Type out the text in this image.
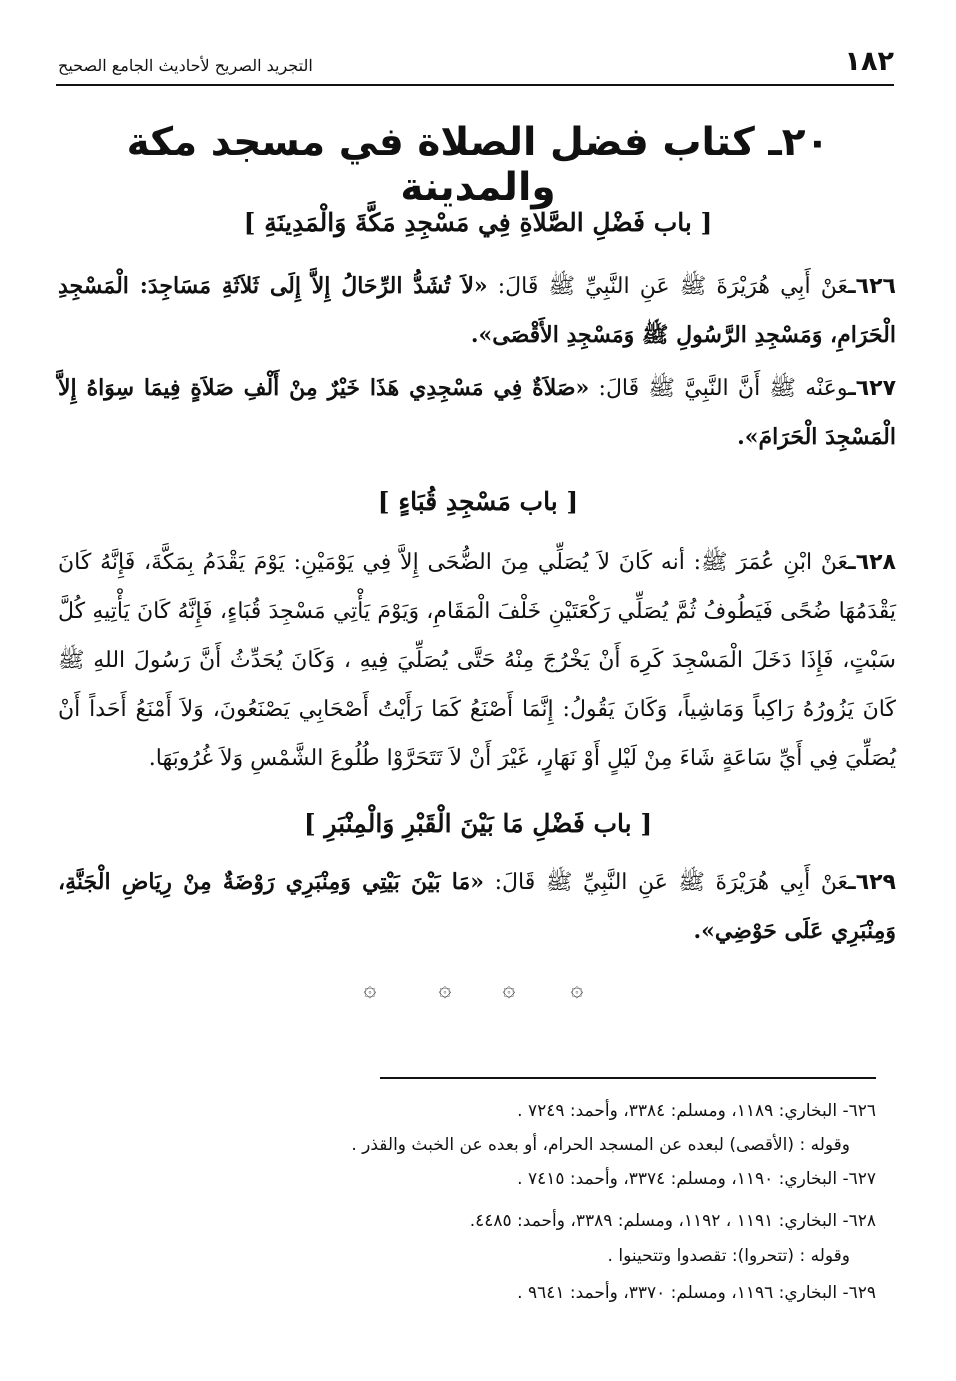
١٨٢
التجريد الصريح لأحاديث الجامع الصحيح
٢٠ـ كتاب فضل الصلاة في مسجد مكة والمدينة
[ باب فَضْلِ الصَّلاةِ فِي مَسْجِدِ مَكَّةَ وَالْمَدِينَةِ ]
٦٢٦ـعَنْ أَبِي هُرَيْرَةَ ﷺ عَنِ النَّبِيِّ ﷺ قَالَ: «لاَ تُشَدُّ الرِّحَالُ إِلاَّ إِلَى ثَلاَثَةِ مَسَاجِدَ: الْمَسْجِدِ الْحَرَامِ، وَمَسْجِدِ الرَّسُولِ ﷺ وَمَسْجِدِ الأَقْصَى».
٦٢٧ـوعَنْه ﷺ أَنَّ النَّبِيَّ ﷺ قَالَ: «صَلاَةٌ فِي مَسْجِدِي هَذَا خَيْرٌ مِنْ أَلْفِ صَلاَةٍ فِيمَا سِوَاهُ إِلاَّ الْمَسْجِدَ الْحَرَامَ».
[ باب مَسْجِدِ قُبَاءٍ ]
٦٢٨ـعَنْ ابْنِ عُمَرَ ﷺ: أنه كَانَ لاَ يُصَلِّي مِنَ الضُّحَى إِلاَّ فِي يَوْمَيْنِ: يَوْمَ يَقْدَمُ بِمَكَّةَ، فَإِنَّهُ كَانَ يَقْدَمُهَا ضُحًى فَيَطُوفُ ثُمَّ يُصَلِّي رَكْعَتَيْنِ خَلْفَ الْمَقَامِ، وَيَوْمَ يَأْتِي مَسْجِدَ قُبَاءٍ، فَإِنَّهُ كَانَ يَأْتِيهِ كُلَّ سَبْتٍ، فَإِذَا دَخَلَ الْمَسْجِدَ كَرِهَ أَنْ يَخْرُجَ مِنْهُ حَتَّى يُصَلِّيَ فِيهِ ، وَكَانَ يُحَدِّثُ أَنَّ رَسُولَ اللهِ ﷺ كَانَ يَزُورُهُ رَاكِباً وَمَاشِياً، وَكَانَ يَقُولُ: إِنَّمَا أَصْنَعُ كَمَا رَأَيْتُ أَصْحَابِي يَصْنَعُونَ، وَلاَ أَمْنَعُ أَحَداً أَنْ يُصَلِّيَ فِي أَيِّ سَاعَةٍ شَاءَ مِنْ لَيْلٍ أَوْ نَهَارٍ، غَيْرَ أَنْ لاَ تَتَحَرَّوْا طُلُوعَ الشَّمْسِ وَلاَ غُرُوبَهَا.
[ باب فَضْلِ مَا بَيْنَ الْقَبْرِ وَالْمِنْبَرِ ]
٦٢٩ـعَنْ أَبِي هُرَيْرَةَ ﷺ عَنِ النَّبِيِّ ﷺ قَالَ: «مَا بَيْنَ بَيْتِي وَمِنْبَرِي رَوْضَةٌ مِنْ رِيَاضِ الْجَنَّةِ، وَمِنْبَرِي عَلَى حَوْضِي».
۞	۞ ۞	۞
٦٢٦- البخاري: ١١٨٩، ومسلم: ٣٣٨٤، وأحمد: ٧٢٤٩ .
وقوله : (الأقصى) لبعده عن المسجد الحرام، أو بعده عن الخبث والقذر .
٦٢٧- البخاري: ١١٩٠، ومسلم: ٣٣٧٤، وأحمد: ٧٤١٥ .
٦٢٨- البخاري: ١١٩١ ، ١١٩٢، ومسلم: ٣٣٨٩، وأحمد: ٤٤٨٥.
وقوله : (تتحروا): تقصدوا وتتحينوا .
٦٢٩- البخاري: ١١٩٦، ومسلم: ٣٣٧٠، وأحمد: ٩٦٤١ .
